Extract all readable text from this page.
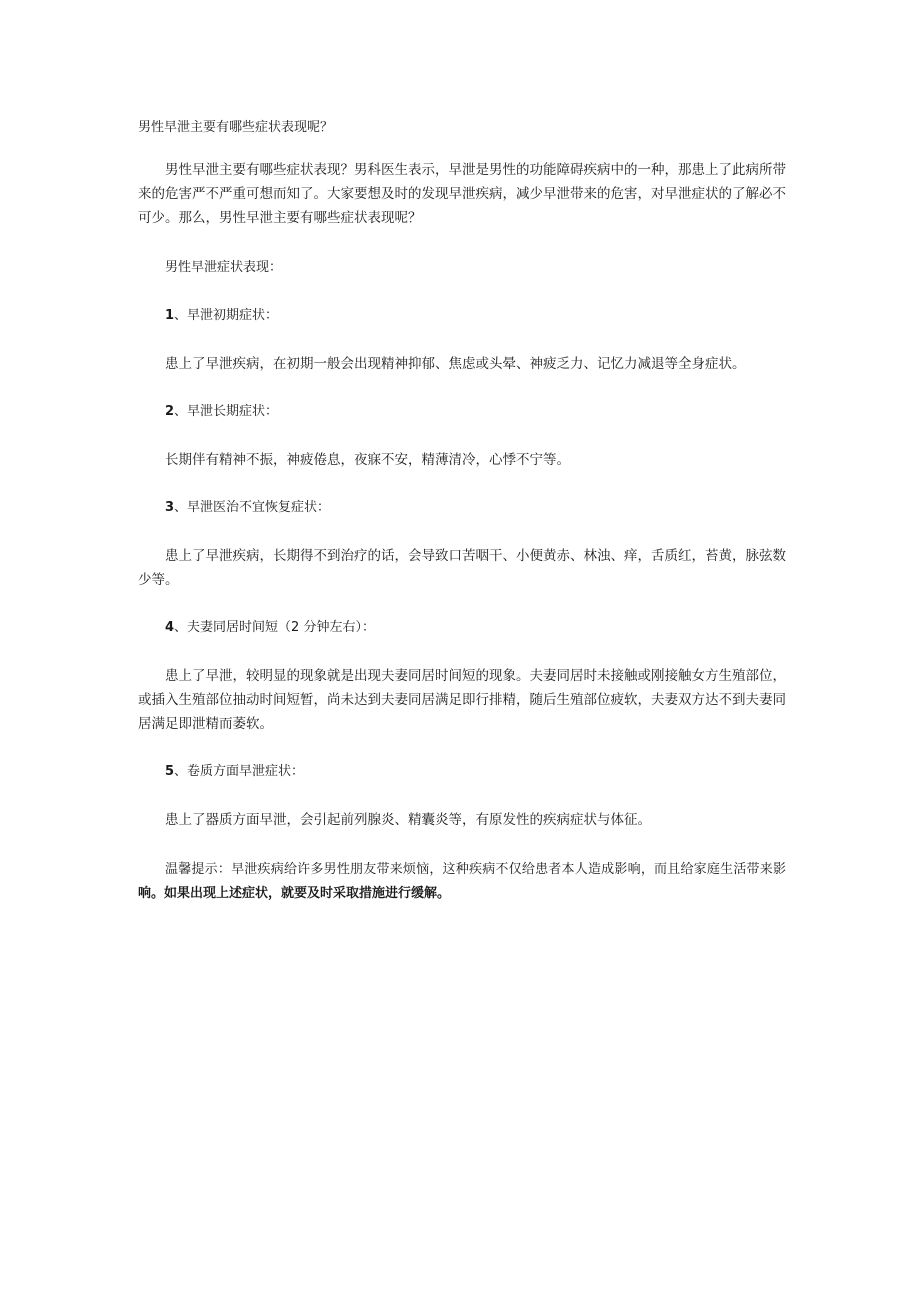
男性早泄主要有哪些症状表现呢？

男性早泄主要有哪些症状表现？男科医生表示，早泄是男性的功能障碍疾病中的一种，那患上了此病所带来的危害严不严重可想而知了。大家要想及时的发现早泄疾病，减少早泄带来的危害，对早泄症状的了解必不可少。那么，男性早泄主要有哪些症状表现呢？

男性早泄症状表现：

1、早泄初期症状：

患上了早泄疾病，在初期一般会出现精神抑郁、焦虑或头晕、神疲乏力、记忆力减退等全身症状。

2、早泄长期症状：

长期伴有精神不振，神疲倦息，夜寐不安，精薄清冷，心悸不宁等。

3、早泄医治不宜恢复症状：

患上了早泄疾病，长期得不到治疗的话，会导致口苦咽干、小便黄赤、林浊、痒，舌质红，苔黄，脉弦数少等。

4、夫妻同居时间短（2 分钟左右）：

患上了早泄，较明显的现象就是出现夫妻同居时间短的现象。夫妻同居时未接触或刚接触女方生殖部位，或插入生殖部位抽动时间短暂，尚未达到夫妻同居满足即行排精，随后生殖部位疲软，夫妻双方达不到夫妻同居满足即泄精而萎软。

5、卷质方面早泄症状：

患上了器质方面早泄，会引起前列腺炎、精囊炎等，有原发性的疾病症状与体征。

温馨提示：早泄疾病给许多男性朋友带来烦恼，这种疾病不仅给患者本人造成影响，而且给家庭生活带来影响。如果出现上述症状，就要及时采取措施进行缓解。
